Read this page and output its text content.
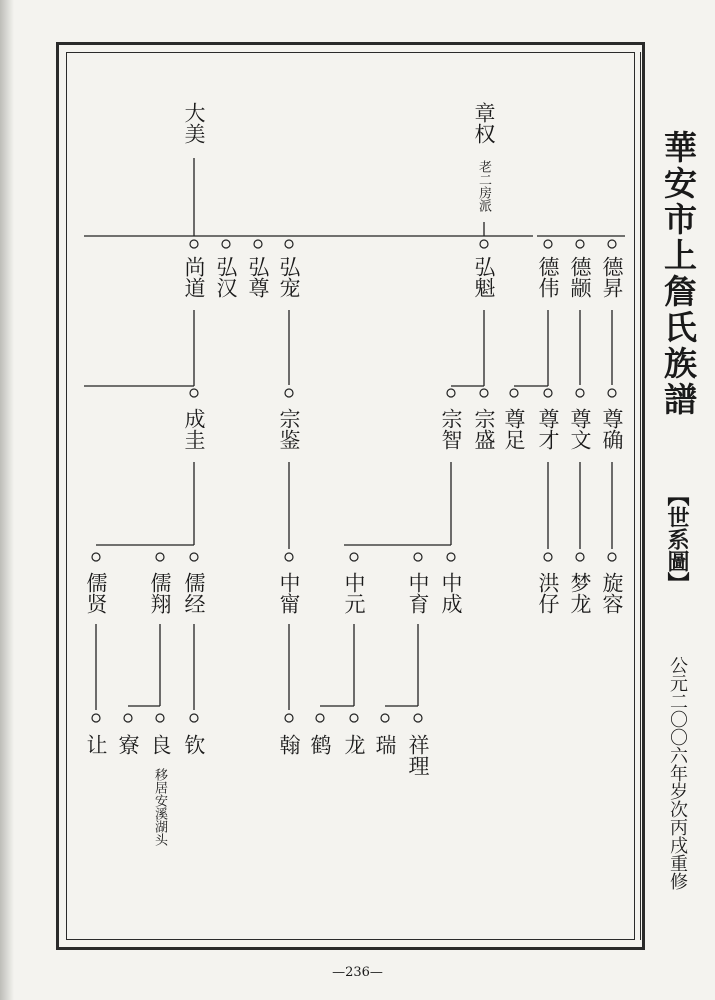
華安市上詹氏族譜
【世系圖】
公元二〇〇六年岁次丙戌重修
大美	章权
老二房派
尚道 弘汉 弘尊 弘宠	弘魁 德伟 德颛 德昇
成圭	宗鉴	宗智 宗盛 尊足 尊才 尊文 尊确
儒贤 儒翔 儒经	中甯 中元 中育 中成	洪仔 梦龙 旋容
让 寮 良
移居安溪湖头
钦	翰 鹤 龙 瑞 祥理
—236—
